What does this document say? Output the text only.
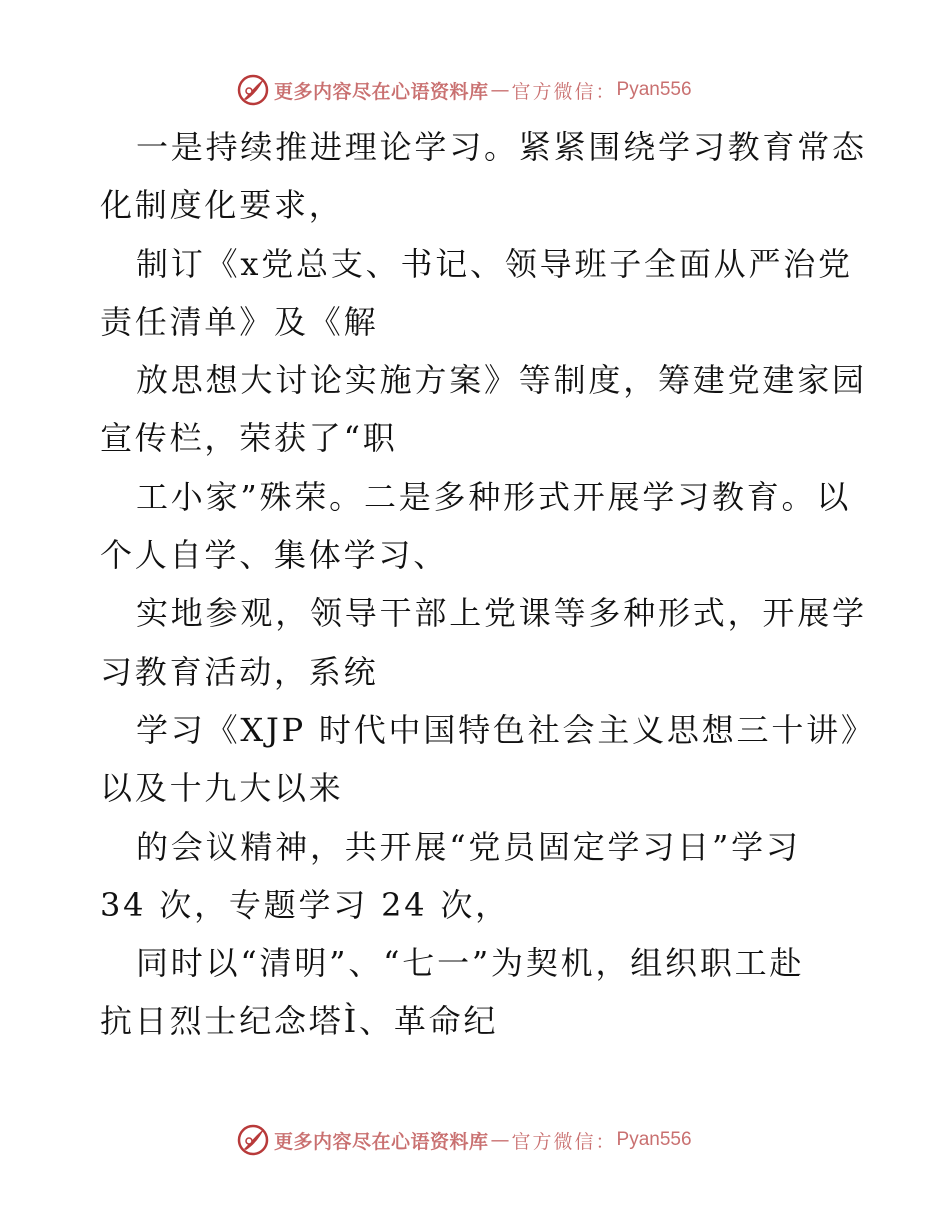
更多内容尽在心语资料库 — 官方微信： Pyan556
一是持续推进理论学习。紧紧围绕学习教育常态
化制度化要求，
制订《x党总支、书记、领导班子全面从严治党
责任清单》及《解
放思想大讨论实施方案》等制度，筹建党建家园
宣传栏，荣获了“职
工小家”殊荣。二是多种形式开展学习教育。以
个人自学、集体学习、
实地参观，领导干部上党课等多种形式，开展学
习教育活动，系统
学习《XJP 时代中国特色社会主义思想三十讲》
以及十九大以来
的会议精神，共开展“党员固定学习日”学习
34 次，专题学习 24 次，
同时以“清明”、“七一”为契机，组织职工赴
抗日烈士纪念塔Ì、革命纪
更多内容尽在心语资料库 — 官方微信： Pyan556
